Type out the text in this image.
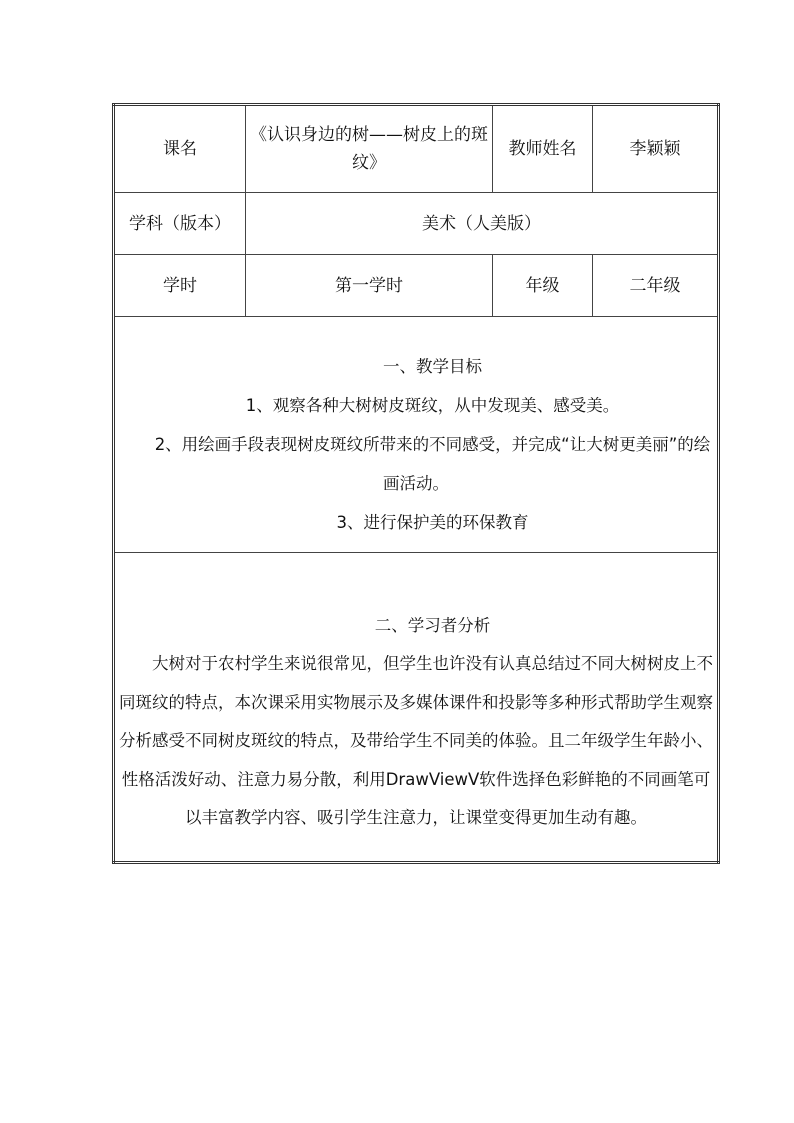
课名	《认识身边的树——树皮上的斑纹》	教师姓名	李颖颖
学科（版本）	美术（人美版）		
学时	第一学时	年级	二年级

一、教学目标

1、观察各种大树树皮斑纹，从中发现美、感受美。

2、用绘画手段表现树皮斑纹所带来的不同感受，并完成“让大树更美丽”的绘画活动。

3、进行保护美的环保教育			

二、学习者分析

大树对于农村学生来说很常见，但学生也许没有认真总结过不同大树树皮上不同斑纹的特点，本次课采用实物展示及多媒体课件和投影等多种形式帮助学生观察分析感受不同树皮斑纹的特点，及带给学生不同美的体验。且二年级学生年龄小、性格活泼好动、注意力易分散，利用DrawViewV软件选择色彩鲜艳的不同画笔可以丰富教学内容、吸引学生注意力，让课堂变得更加生动有趣。			
